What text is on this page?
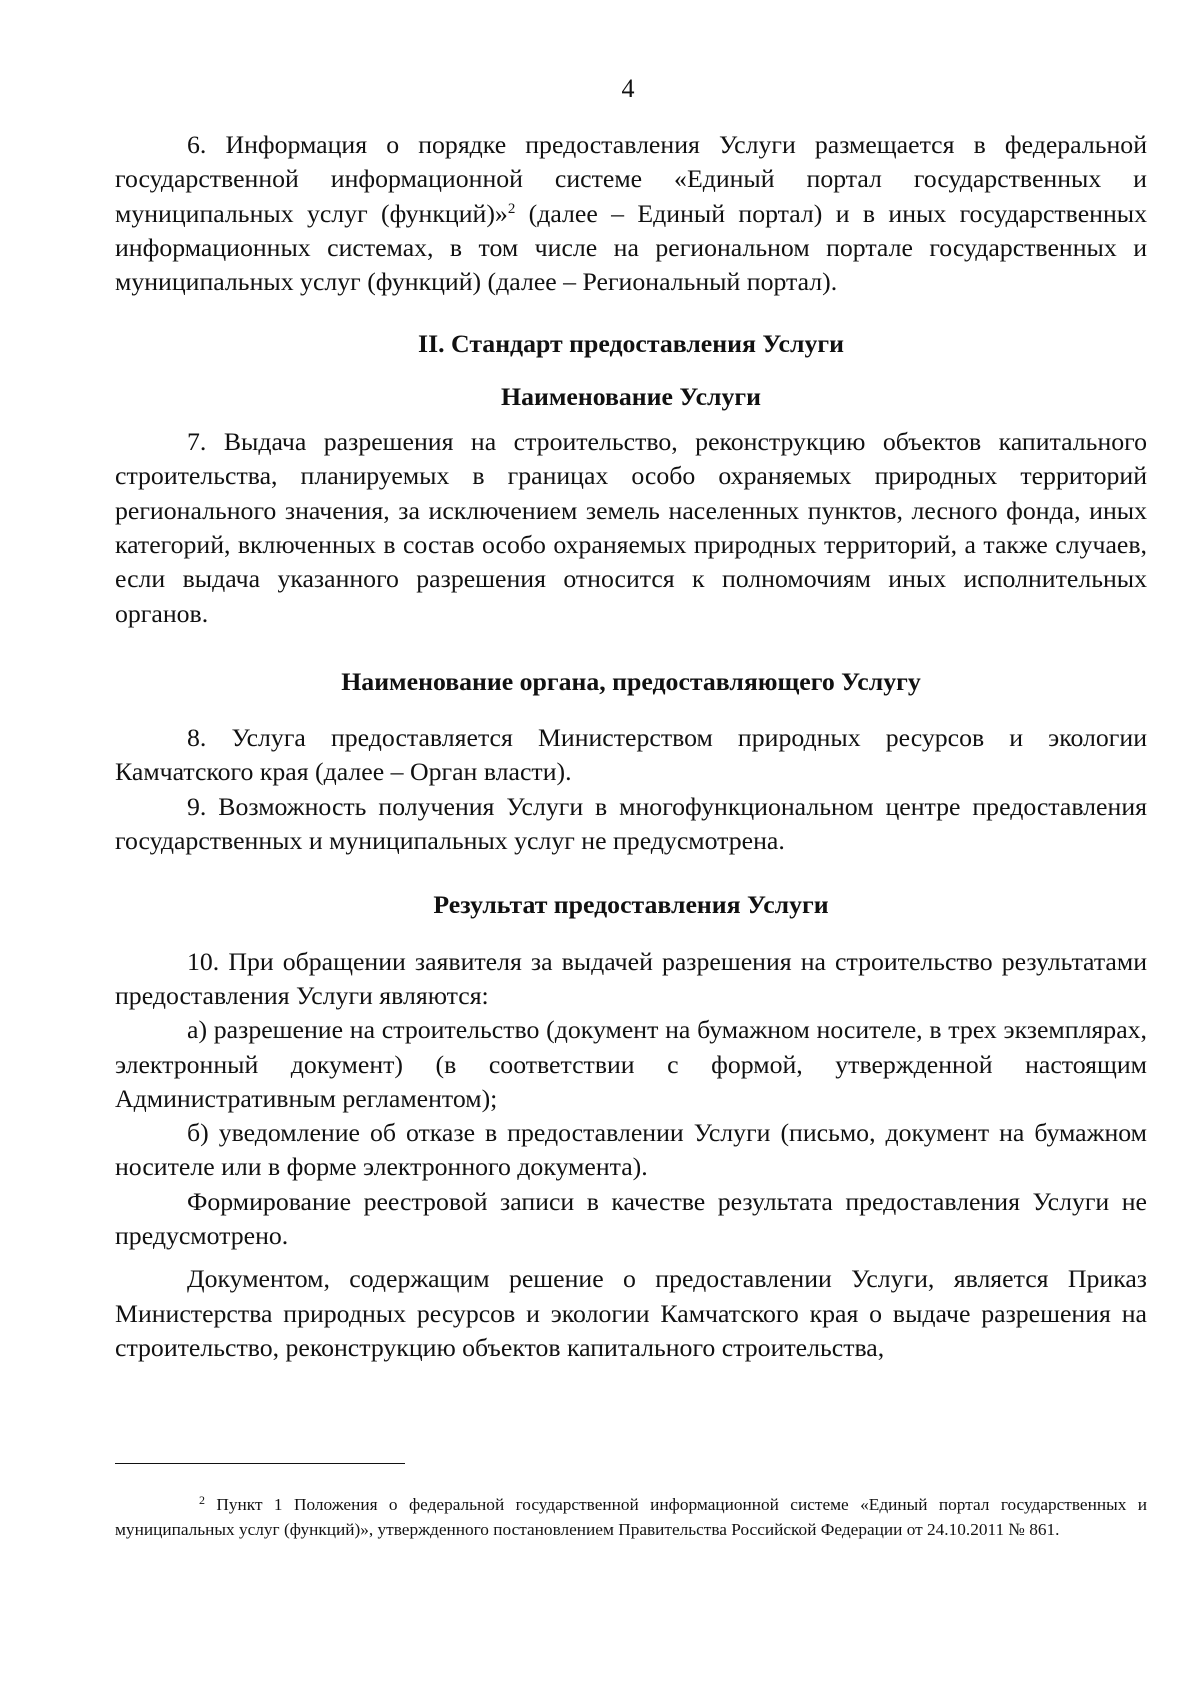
4

6. Информация о порядке предоставления Услуги размещается в федеральной государственной информационной системе «Единый портал государственных и муниципальных услуг (функций)»$^2$ (далее – Единый портал) и в иных государственных информационных системах, в том числе на региональном портале государственных и муниципальных услуг (функций) (далее – Региональный портал).

II. Стандарт предоставления Услуги

Наименование Услуги

7. Выдача разрешения на строительство, реконструкцию объектов капитального строительства, планируемых в границах особо охраняемых природных территорий регионального значения, за исключением земель населенных пунктов, лесного фонда, иных категорий, включенных в состав особо охраняемых природных территорий, а также случаев, если выдача указанного разрешения относится к полномочиям иных исполнительных органов.

Наименование органа, предоставляющего Услугу

8. Услуга предоставляется Министерством природных ресурсов и экологии Камчатского края (далее – Орган власти).

9. Возможность получения Услуги в многофункциональном центре предоставления государственных и муниципальных услуг не предусмотрена.

Результат предоставления Услуги

10. При обращении заявителя за выдачей разрешения на строительство результатами предоставления Услуги являются:

а) разрешение на строительство (документ на бумажном носителе, в трех экземплярах, электронный документ) (в соответствии с формой, утвержденной настоящим Административным регламентом);

б) уведомление об отказе в предоставлении Услуги (письмо, документ на бумажном носителе или в форме электронного документа).

Формирование реестровой записи в качестве результата предоставления Услуги не предусмотрено.

Документом, содержащим решение о предоставлении Услуги, является Приказ Министерства природных ресурсов и экологии Камчатского края о выдаче разрешения на строительство, реконструкцию объектов капитального строительства,

$^2$ Пункт 1 Положения о федеральной государственной информационной системе «Единый портал государственных и муниципальных услуг (функций)», утвержденного постановлением Правительства Российской Федерации от 24.10.2011 № 861.
